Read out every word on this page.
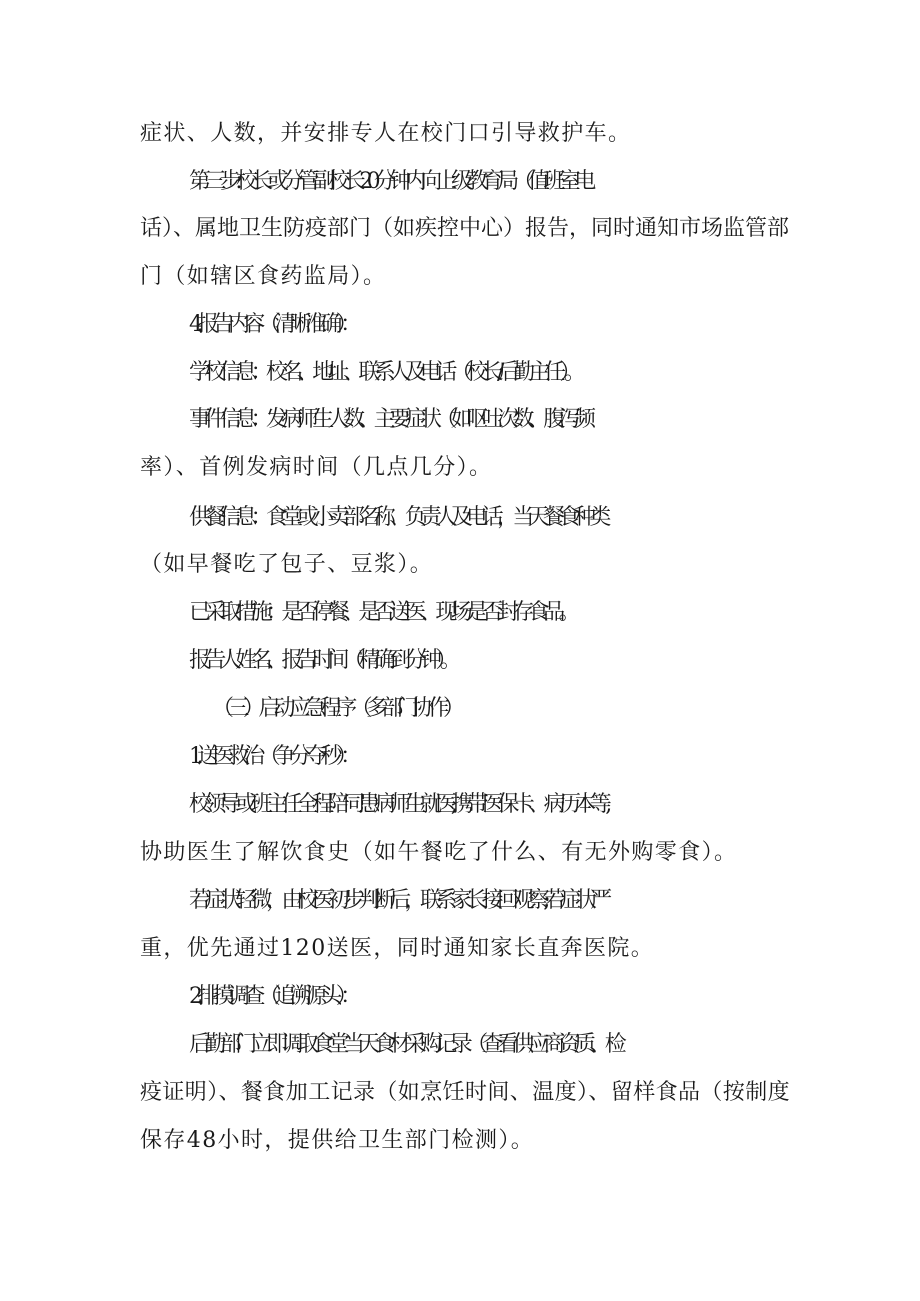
症状、人数，并安排专人在校门口引导救护车。
第三步:校长或分管副校长20分钟内向上级教育局（值班室电
话）、属地卫生防疫部门（如疾控中心）报告，同时通知市场监管部
门（如辖区食药监局）。
4 .报告内容（清晰准确）：
学校信息：校名、地址、联系人及电话（校长/后勤主任）。
事件信息：发病师生人数、主要症状（如呕吐次数、腹泻频
率）、首例发病时间（几点几分）。
供餐信息：食堂或小卖部名称、负责人及电话，当天餐食种类
（如早餐吃了包子、豆浆）。
已采取措施：是否停餐、是否送医、现场是否封存食品。
报告人姓名、报告时间（精确到分钟）。
（三）启动应急程序（多部门协作）
1 .送医救治（争分夺秒）：
校领导或班主任全程陪同患病师生就医,携带医保卡、病历本等,
协助医生了解饮食史（如午餐吃了什么、有无外购零食）。
若症状轻微，由校医初步判断后，联系家长接回观察;若症状严
重，优先通过120送医，同时通知家长直奔医院。
2 .排摸调查（追溯源头）：
后勤部门立即调取食堂当天食材采购记录（查看供应商资质、检
疫证明）、餐食加工记录（如烹饪时间、温度）、留样食品（按制度
保存48小时，提供给卫生部门检测）。
